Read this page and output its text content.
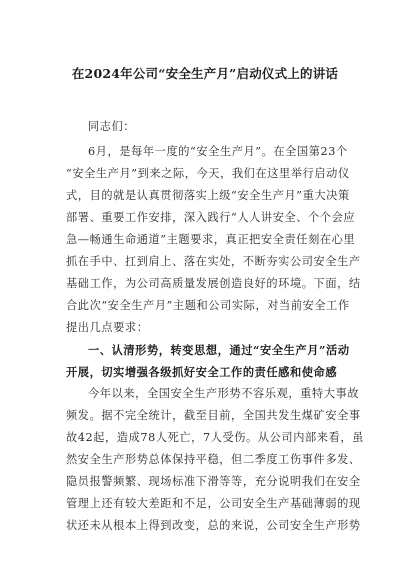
在2024年公司“安全生产月”启动仪式上的讲话
同志们：
6月，是每年一度的“安全生产月”。在全国第23个
“安全生产月”到来之际，今天，我们在这里举行启动仪
式，目的就是认真贯彻落实上级“安全生产月”重大决策
部署、重要工作安排，深入践行“人人讲安全、个个会应
急—畅通生命通道”主题要求，真正把安全责任刻在心里
抓在手中、扛到肩上、落在实处，不断夯实公司安全生产
基础工作，为公司高质量发展创造良好的环境。下面，结
合此次“安全生产月”主题和公司实际，对当前安全工作
提出几点要求：
一、认清形势，转变思想，通过“安全生产月”活动
开展，切实增强各级抓好安全工作的责任感和使命感
今年以来，全国安全生产形势不容乐观，重特大事故
频发。据不完全统计，截至目前，全国共发生煤矿安全事
故42起，造成78人死亡，7人受伤。从公司内部来看，虽
然安全生产形势总体保持平稳，但二季度工伤事件多发、
隐员报警频繁、现场标准下滑等等，充分说明我们在安全
管理上还有较大差距和不足，公司安全生产基础薄弱的现
状还未从根本上得到改变，总的来说，公司安全生产形势
